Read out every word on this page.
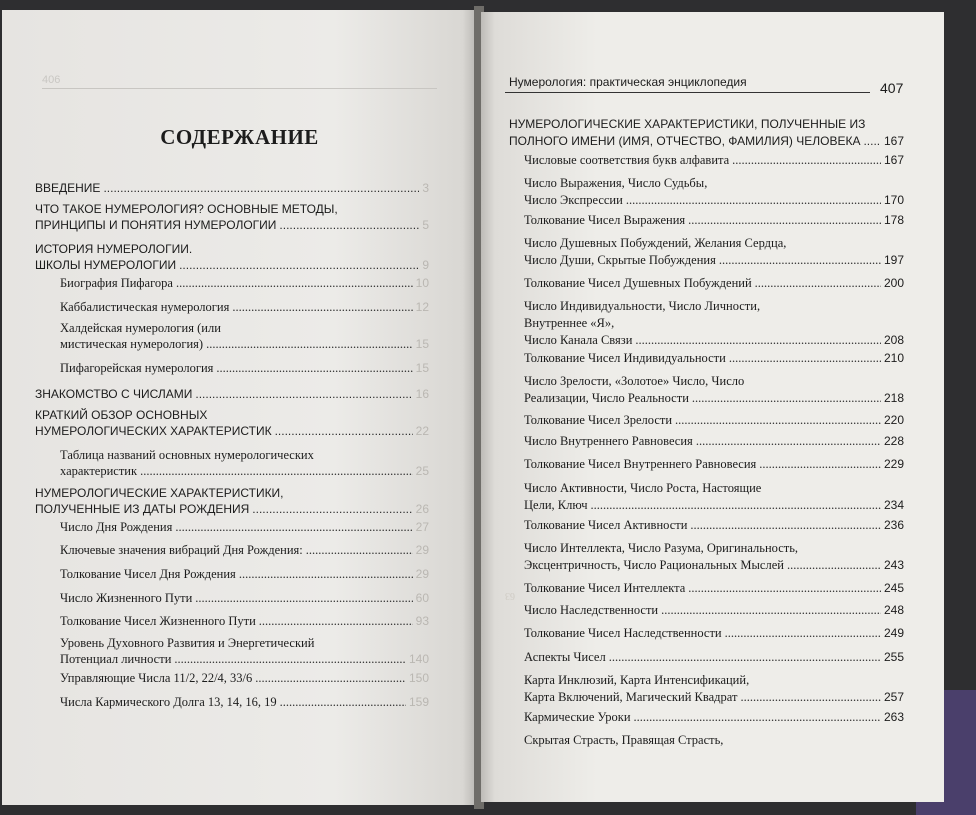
406
СОДЕРЖАНИЕ
ВВЕДЕНИЕ .....	3
ЧТО ТАКОЕ НУМЕРОЛОГИЯ? ОСНОВНЫЕ МЕТОДЫ,
ПРИНЦИПЫ И ПОНЯТИЯ НУМЕРОЛОГИИ .....	5
ИСТОРИЯ НУМЕРОЛОГИИ.
ШКОЛЫ НУМЕРОЛОГИИ .....	9
Биография Пифагора .....	10
Каббалистическая нумерология .....	12
Халдейская нумерология (или
мистическая нумерология) .....	15
Пифагорейская нумерология .....	15
ЗНАКОМСТВО С ЧИСЛАМИ .....	16
КРАТКИЙ ОБЗОР ОСНОВНЫХ
НУМЕРОЛОГИЧЕСКИХ ХАРАКТЕРИСТИК .....	22
Таблица названий основных нумерологических
характеристик .....	25
НУМЕРОЛОГИЧЕСКИЕ ХАРАКТЕРИСТИКИ,
ПОЛУЧЕННЫЕ ИЗ ДАТЫ РОЖДЕНИЯ .....	26
Число Дня Рождения .....	27
Ключевые значения вибраций Дня Рождения: .....	29
Толкование Чисел Дня Рождения .....	29
Число Жизненного Пути .....	60
Толкование Чисел Жизненного Пути .....	93
Уровень Духовного Развития и Энергетический
Потенциал личности .....	140
Управляющие Числа 11/2, 22/4, 33/6 .....	150
Числа Кармического Долга 13, 14, 16, 19 .....	159
Нумерология: практическая энциклопедия	407
НУМЕРОЛОГИЧЕСКИЕ ХАРАКТЕРИСТИКИ, ПОЛУЧЕННЫЕ ИЗ
ПОЛНОГО ИМЕНИ (ИМЯ, ОТЧЕСТВО, ФАМИЛИЯ) ЧЕЛОВЕКА ..... 167
Числовые соответствия букв алфавита .....	167
Число Выражения, Число Судьбы,
Число Экспрессии .....	170
Толкование Чисел Выражения .....	178
Число Душевных Побуждений, Желания Сердца,
Число Души, Скрытые Побуждения .....	197
Толкование Чисел Душевных Побуждений .....	200
Число Индивидуальности, Число Личности,
Внутреннее «Я»,
Число Канала Связи .....	208
Толкование Чисел Индивидуальности .....	210
Число Зрелости, «Золотое» Число, Число
Реализации, Число Реальности .....	218
Толкование Чисел Зрелости .....	220
Число Внутреннего Равновесия .....	228
Толкование Чисел Внутреннего Равновесия .....	229
Число Активности, Число Роста, Настоящие
Цели, Ключ .....	234
Толкование Чисел Активности .....	236
Число Интеллекта, Число Разума, Оригинальность,
Эксцентричность, Число Рациональных Мыслей .....	243
Толкование Чисел Интеллекта .....	245
Число Наследственности .....	248
Толкование Чисел Наследственности .....	249
Аспекты Чисел .....	255
Карта Инклюзий, Карта Интенсификаций,
Карта Включений, Магический Квадрат .....	257
Кармические Уроки .....	263
Скрытая Страсть, Правящая Страсть,
63
